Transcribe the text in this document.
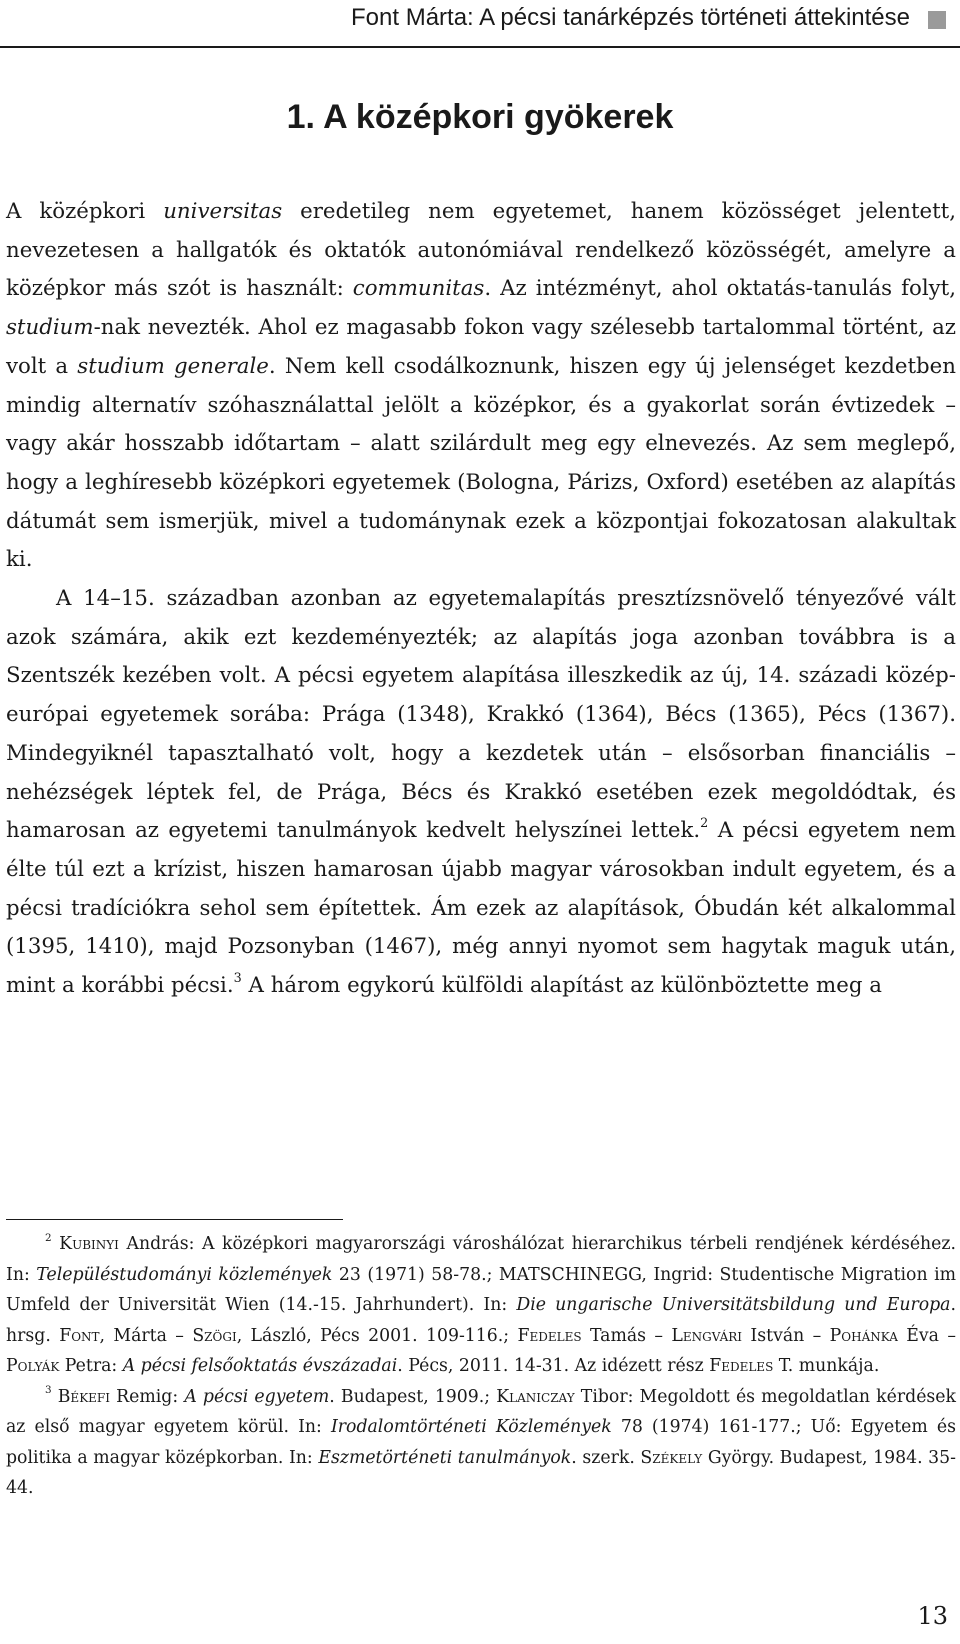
Font Márta: A pécsi tanárképzés történeti áttekintése
1. A középkori gyökerek

A középkori universitas eredetileg nem egyetemet, hanem közösséget jelentett, nevezetesen a hallgatók és oktatók autonómiával rendelkező közösségét, amelyre a középkor más szót is használt: communitas. Az intézményt, ahol oktatás-tanulás folyt, studium-nak nevezték. Ahol ez magasabb fokon vagy szélesebb tartalommal történt, az volt a studium generale. Nem kell csodálkoznunk, hiszen egy új jelenséget kezdetben mindig alternatív szóhasználattal jelölt a középkor, és a gyakorlat során évtizedek – vagy akár hosszabb időtartam – alatt szilárdult meg egy elnevezés. Az sem meglepő, hogy a leghíresebb középkori egyetemek (Bologna, Párizs, Oxford) esetében az alapítás dátumát sem ismerjük, mivel a tudománynak ezek a központjai fokozatosan alakultak ki.

A 14–15. században azonban az egyetemalapítás presztízsnövelő tényezővé vált azok számára, akik ezt kezdeményezték; az alapítás joga azonban továbbra is a Szentszék kezében volt. A pécsi egyetem alapítása illeszkedik az új, 14. századi közép-európai egyetemek sorába: Prága (1348), Krakkó (1364), Bécs (1365), Pécs (1367). Mindegyiknél tapasztalható volt, hogy a kezdetek után – elsősorban financiális – nehézségek léptek fel, de Prága, Bécs és Krakkó esetében ezek megoldódtak, és hamarosan az egyetemi tanulmányok kedvelt helyszínei lettek.$^2$ A pécsi egyetem nem élte túl ezt a krízist, hiszen hamarosan újabb magyar városokban indult egyetem, és a pécsi tradíciókra sehol sem építettek. Ám ezek az alapítások, Óbudán két alkalommal (1395, 1410), majd Pozsonyban (1467), még annyi nyomot sem hagytak maguk után, mint a korábbi pécsi.$^3$ A három egykorú külföldi alapítást az különböztette meg a

$^2$ Kubinyi András: A középkori magyarországi városhálózat hierarchikus térbeli rendjének kérdéséhez. In: Településtudományi közlemények 23 (1971) 58-78.; MATSCHINEGG, Ingrid: Studentische Migration im Umfeld der Universität Wien (14.-15. Jahrhundert). In: Die ungarische Universitätsbildung und Europa. hrsg. Font, Márta – Szögi, László, Pécs 2001. 109-116.; Fedeles Tamás – Lengvári István – Pohánka Éva – Polyák Petra: A pécsi felsőoktatás évszázadai. Pécs, 2011. 14-31. Az idézett rész Fedeles T. munkája.

$^3$ Békefi Remig: A pécsi egyetem. Budapest, 1909.; Klaniczay Tibor: Megoldott és megoldatlan kérdések az első magyar egyetem körül. In: Irodalomtörténeti Közlemények 78 (1974) 161-177.; Uő: Egyetem és politika a magyar középkorban. In: Eszmetörténeti tanulmányok. szerk. Székely György. Budapest, 1984. 35-44.

13
